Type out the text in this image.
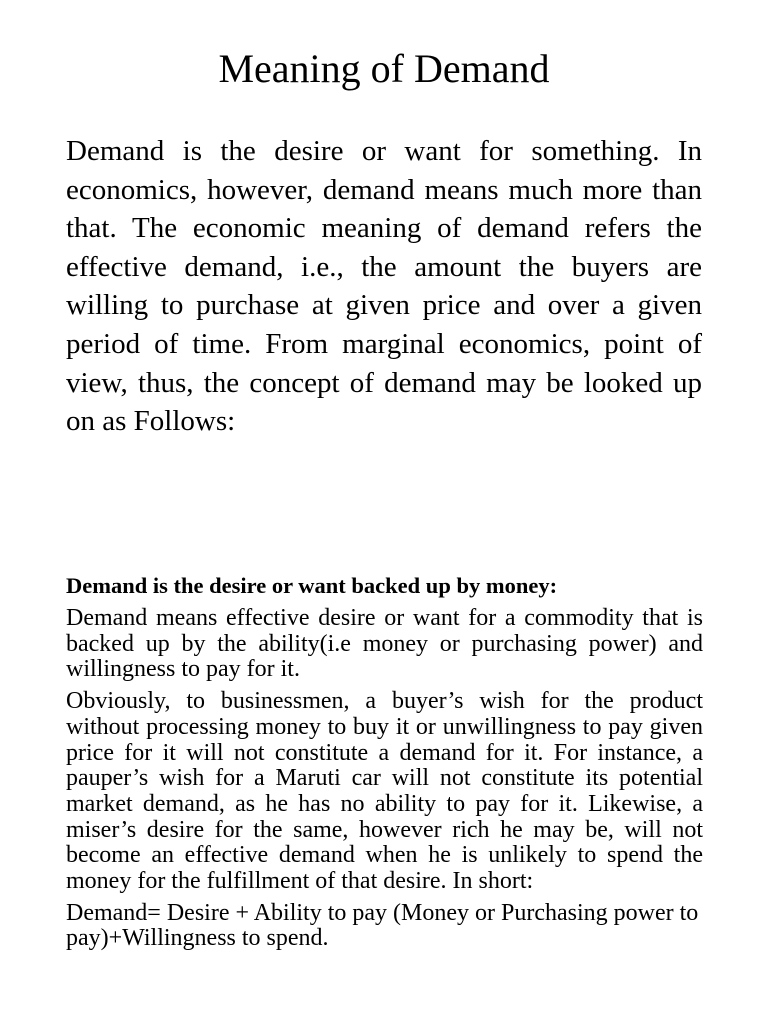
Meaning of Demand

Demand is the desire or want for something. In economics, however, demand means much more than that. The economic meaning of demand refers the effective demand, i.e., the amount the buyers are willing to purchase at given price and over a given period of time. From marginal economics, point of view, thus, the concept of demand may be looked up on as Follows:

Demand is the desire or want backed up by money:

Demand means effective desire or want for a commodity that is backed up by the ability(i.e money or purchasing power) and willingness to pay for it.

Obviously, to businessmen, a buyer’s wish for the product without processing money to buy it or unwillingness to pay given price for it will not constitute a demand for it. For instance, a pauper’s wish for a Maruti car will not constitute its potential market demand, as he has no ability to pay for it. Likewise, a miser’s desire for the same, however rich he may be, will not become an effective demand when he is unlikely to spend the money for the fulfillment of that desire. In short:

Demand= Desire + Ability to pay (Money or Purchasing power to pay)+Willingness to spend.
